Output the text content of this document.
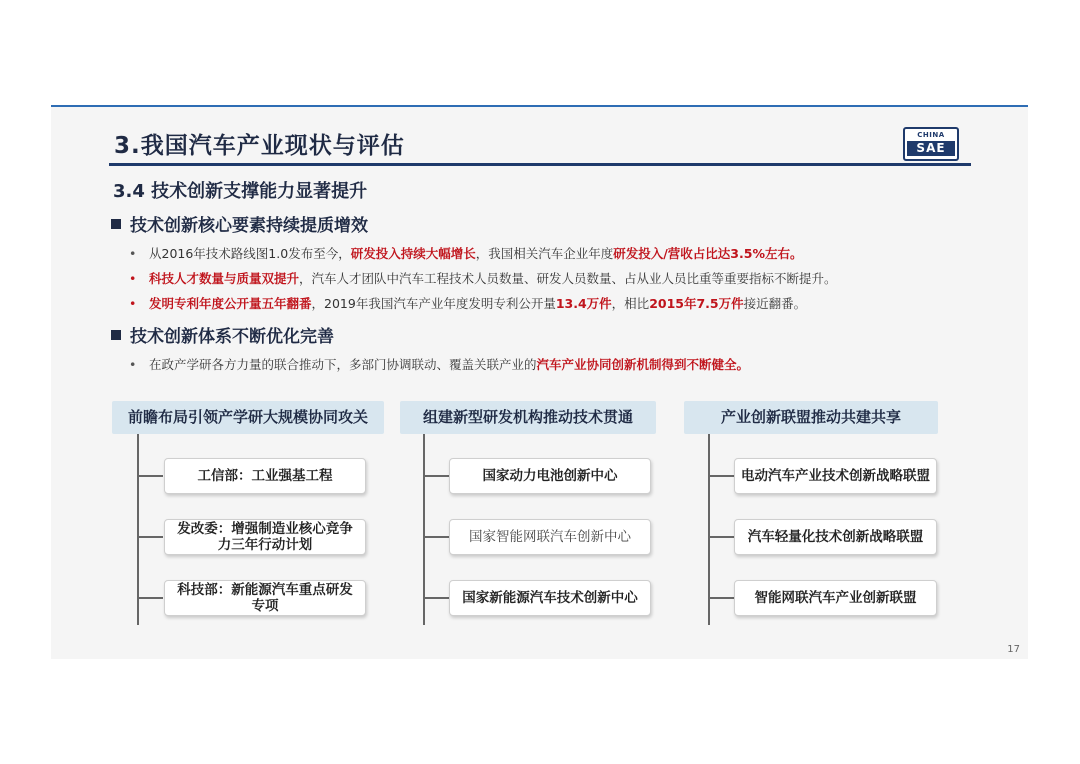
3.我国汽车产业现状与评估	CHINA
SAE
3.4 技术创新支撑能力显著提升
技术创新核心要素持续提质增效
• 从2016年技术路线图1.0发布至今，研发投入持续大幅增长，我国相关汽车企业年度研发投入/营收占比达3.5%左右。
• 科技人才数量与质量双提升，汽车人才团队中汽车工程技术人员数量、研发人员数量、占从业人员比重等重要指标不断提升。
• 发明专利年度公开量五年翻番，2019年我国汽车产业年度发明专利公开量13.4万件，相比2015年7.5万件接近翻番。
技术创新体系不断优化完善
• 在政产学研各方力量的联合推动下，多部门协调联动、覆盖关联产业的汽车产业协同创新机制得到不断健全。
前瞻布局引领产学研大规模协同攻关
工信部：工业强基工程
发改委：增强制造业核心竞争力三年行动计划
科技部：新能源汽车重点研发专项
组建新型研发机构推动技术贯通
国家动力电池创新中心
国家智能网联汽车创新中心
国家新能源汽车技术创新中心
产业创新联盟推动共建共享
电动汽车产业技术创新战略联盟
汽车轻量化技术创新战略联盟
智能网联汽车产业创新联盟
17
